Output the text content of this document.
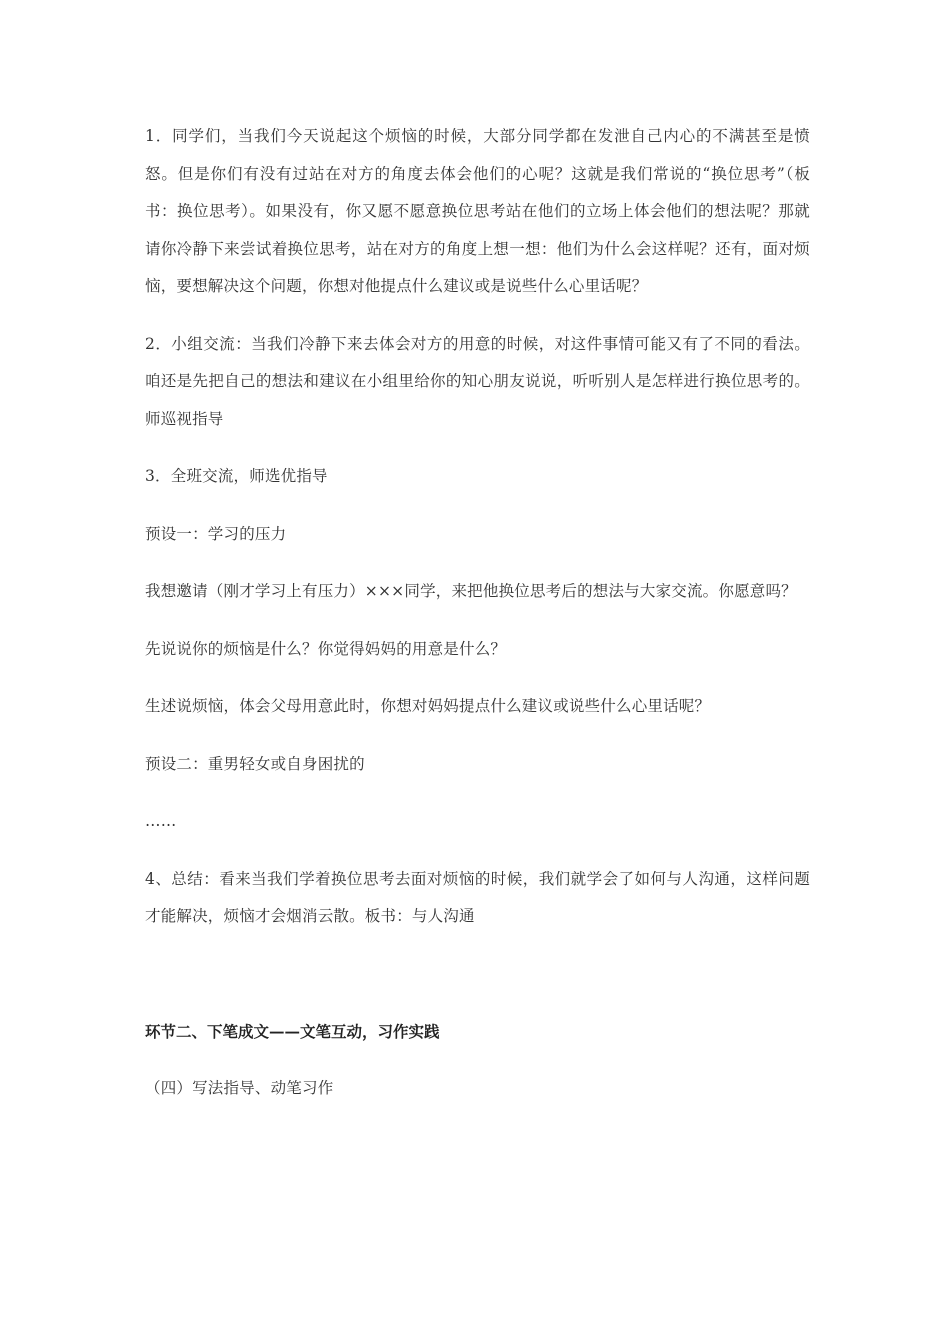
1．同学们，当我们今天说起这个烦恼的时候，大部分同学都在发泄自己内心的不满甚至是愤怒。但是你们有没有过站在对方的角度去体会他们的心呢？这就是我们常说的“换位思考”（板书：换位思考）。如果没有，你又愿不愿意换位思考站在他们的立场上体会他们的想法呢？那就请你冷静下来尝试着换位思考，站在对方的角度上想一想：他们为什么会这样呢？还有，面对烦恼，要想解决这个问题，你想对他提点什么建议或是说些什么心里话呢？

2．小组交流：当我们冷静下来去体会对方的用意的时候，对这件事情可能又有了不同的看法。咱还是先把自己的想法和建议在小组里给你的知心朋友说说，听听别人是怎样进行换位思考的。师巡视指导

3．全班交流，师选优指导

预设一：学习的压力

我想邀请（刚才学习上有压力）×××同学，来把他换位思考后的想法与大家交流。你愿意吗？

先说说你的烦恼是什么？你觉得妈妈的用意是什么？

生述说烦恼，体会父母用意此时，你想对妈妈提点什么建议或说些什么心里话呢？

预设二：重男轻女或自身困扰的

……

4、总结：看来当我们学着换位思考去面对烦恼的时候，我们就学会了如何与人沟通，这样问题才能解决，烦恼才会烟消云散。板书：与人沟通

环节二、下笔成文——文笔互动，习作实践

（四）写法指导、动笔习作
